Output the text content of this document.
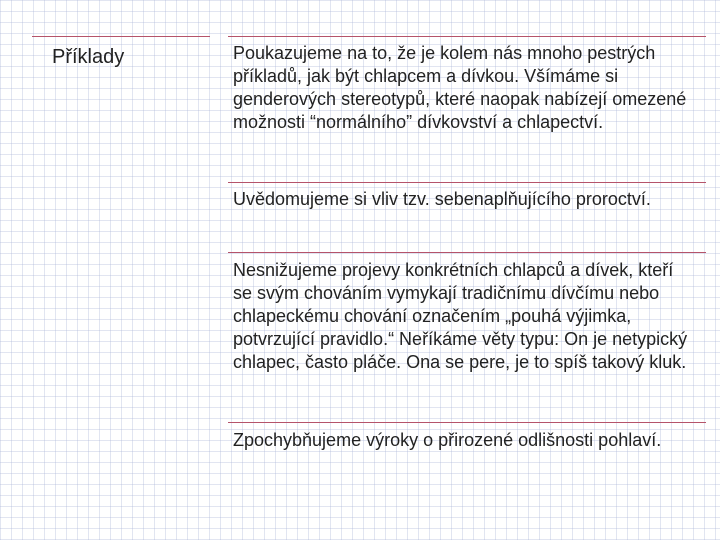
Příklady	Poukazujeme na to, že je kolem nás mnoho pestrých příkladů, jak být chlapcem a dívkou. Všímáme si genderových stereotypů, které naopak nabízejí omezené možnosti “normálního” dívkovství a chlapectví.
Uvědomujeme si vliv tzv. sebenaplňujícího proroctví.
Nesnižujeme projevy konkrétních chlapců a dívek, kteří se svým chováním vymykají tradičnímu dívčímu nebo chlapeckému chování označením „pouhá výjimka, potvrzující pravidlo.“ Neříkáme věty typu: On je netypický chlapec, často pláče. Ona se pere, je to spíš takový kluk.
Zpochybňujeme výroky o přirozené odlišnosti pohlaví.
